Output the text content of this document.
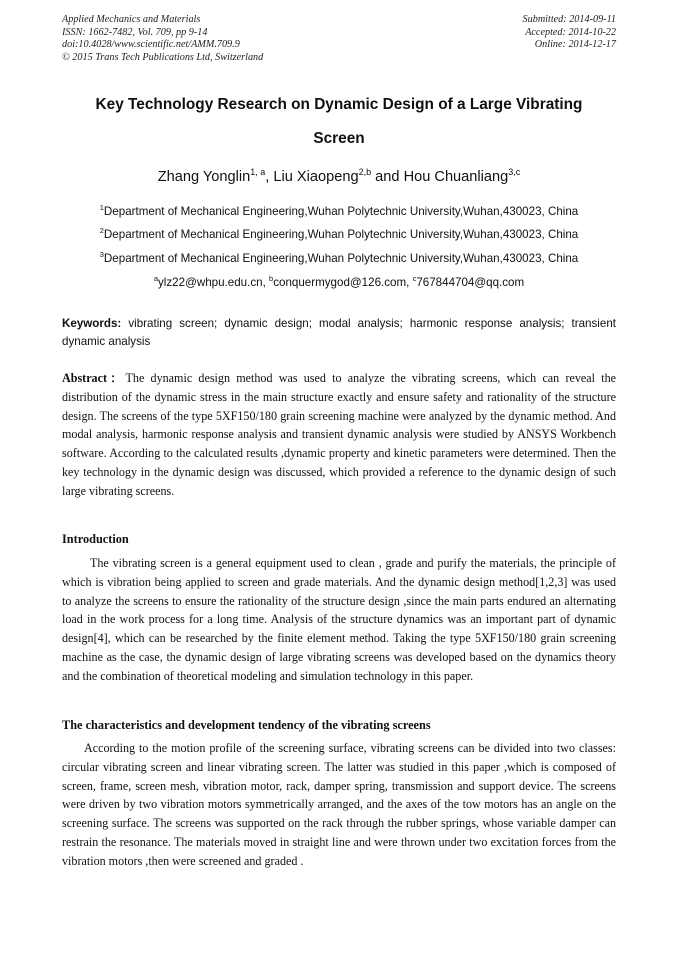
Applied Mechanics and Materials
ISSN: 1662-7482, Vol. 709, pp 9-14
doi:10.4028/www.scientific.net/AMM.709.9
© 2015 Trans Tech Publications Ltd, Switzerland
Submitted: 2014-09-11
Accepted: 2014-10-22
Online: 2014-12-17
Key Technology Research on Dynamic Design of a Large Vibrating
Screen
Zhang Yonglin$^{1, a}$, Liu Xiaopeng$^{2,b}$ and Hou Chuanliang$^{3,c}$
$^1$Department of Mechanical Engineering,Wuhan Polytechnic University,Wuhan,430023, China
$^2$Department of Mechanical Engineering,Wuhan Polytechnic University,Wuhan,430023, China
$^3$Department of Mechanical Engineering,Wuhan Polytechnic University,Wuhan,430023, China
$^a$ylz22@whpu.edu.cn, $^b$conquermygod@126.com, $^c$767844704@qq.com
Keywords: vibrating screen; dynamic design; modal analysis; harmonic response analysis; transient dynamic analysis
Abstract：The dynamic design method was used to analyze the vibrating screens, which can reveal the distribution of the dynamic stress in the main structure exactly and ensure safety and rationality of the structure design. The screens of the type 5XF150/180 grain screening machine were analyzed by the dynamic method. And modal analysis, harmonic response analysis and transient dynamic analysis were studied by ANSYS Workbench software. According to the calculated results ,dynamic property and kinetic parameters were determined. Then the key technology in the dynamic design was discussed, which provided a reference to the dynamic design of such large vibrating screens.
Introduction
The vibrating screen is a general equipment used to clean , grade and purify the materials, the principle of which is vibration being applied to screen and grade materials. And the dynamic design method[1,2,3] was used to analyze the screens to ensure the rationality of the structure design ,since the main parts endured an alternating load in the work process for a long time. Analysis of the structure dynamics was an important part of dynamic design[4], which can be researched by the finite element method. Taking the type 5XF150/180 grain screening machine as the case, the dynamic design of large vibrating screens was developed based on the dynamics theory and the combination of theoretical modeling and simulation technology in this paper.
The characteristics and development tendency of the vibrating screens
According to the motion profile of the screening surface, vibrating screens can be divided into two classes: circular vibrating screen and linear vibrating screen. The latter was studied in this paper ,which is composed of screen, frame, screen mesh, vibration motor, rack, damper spring, transmission and support device. The screens were driven by two vibration motors symmetrically arranged, and the axes of the tow motors has an angle on the screening surface. The screens was supported on the rack through the rubber springs, whose variable damper can restrain the resonance. The materials moved in straight line and were thrown under two excitation forces from the vibration motors ,then were screened and graded .
